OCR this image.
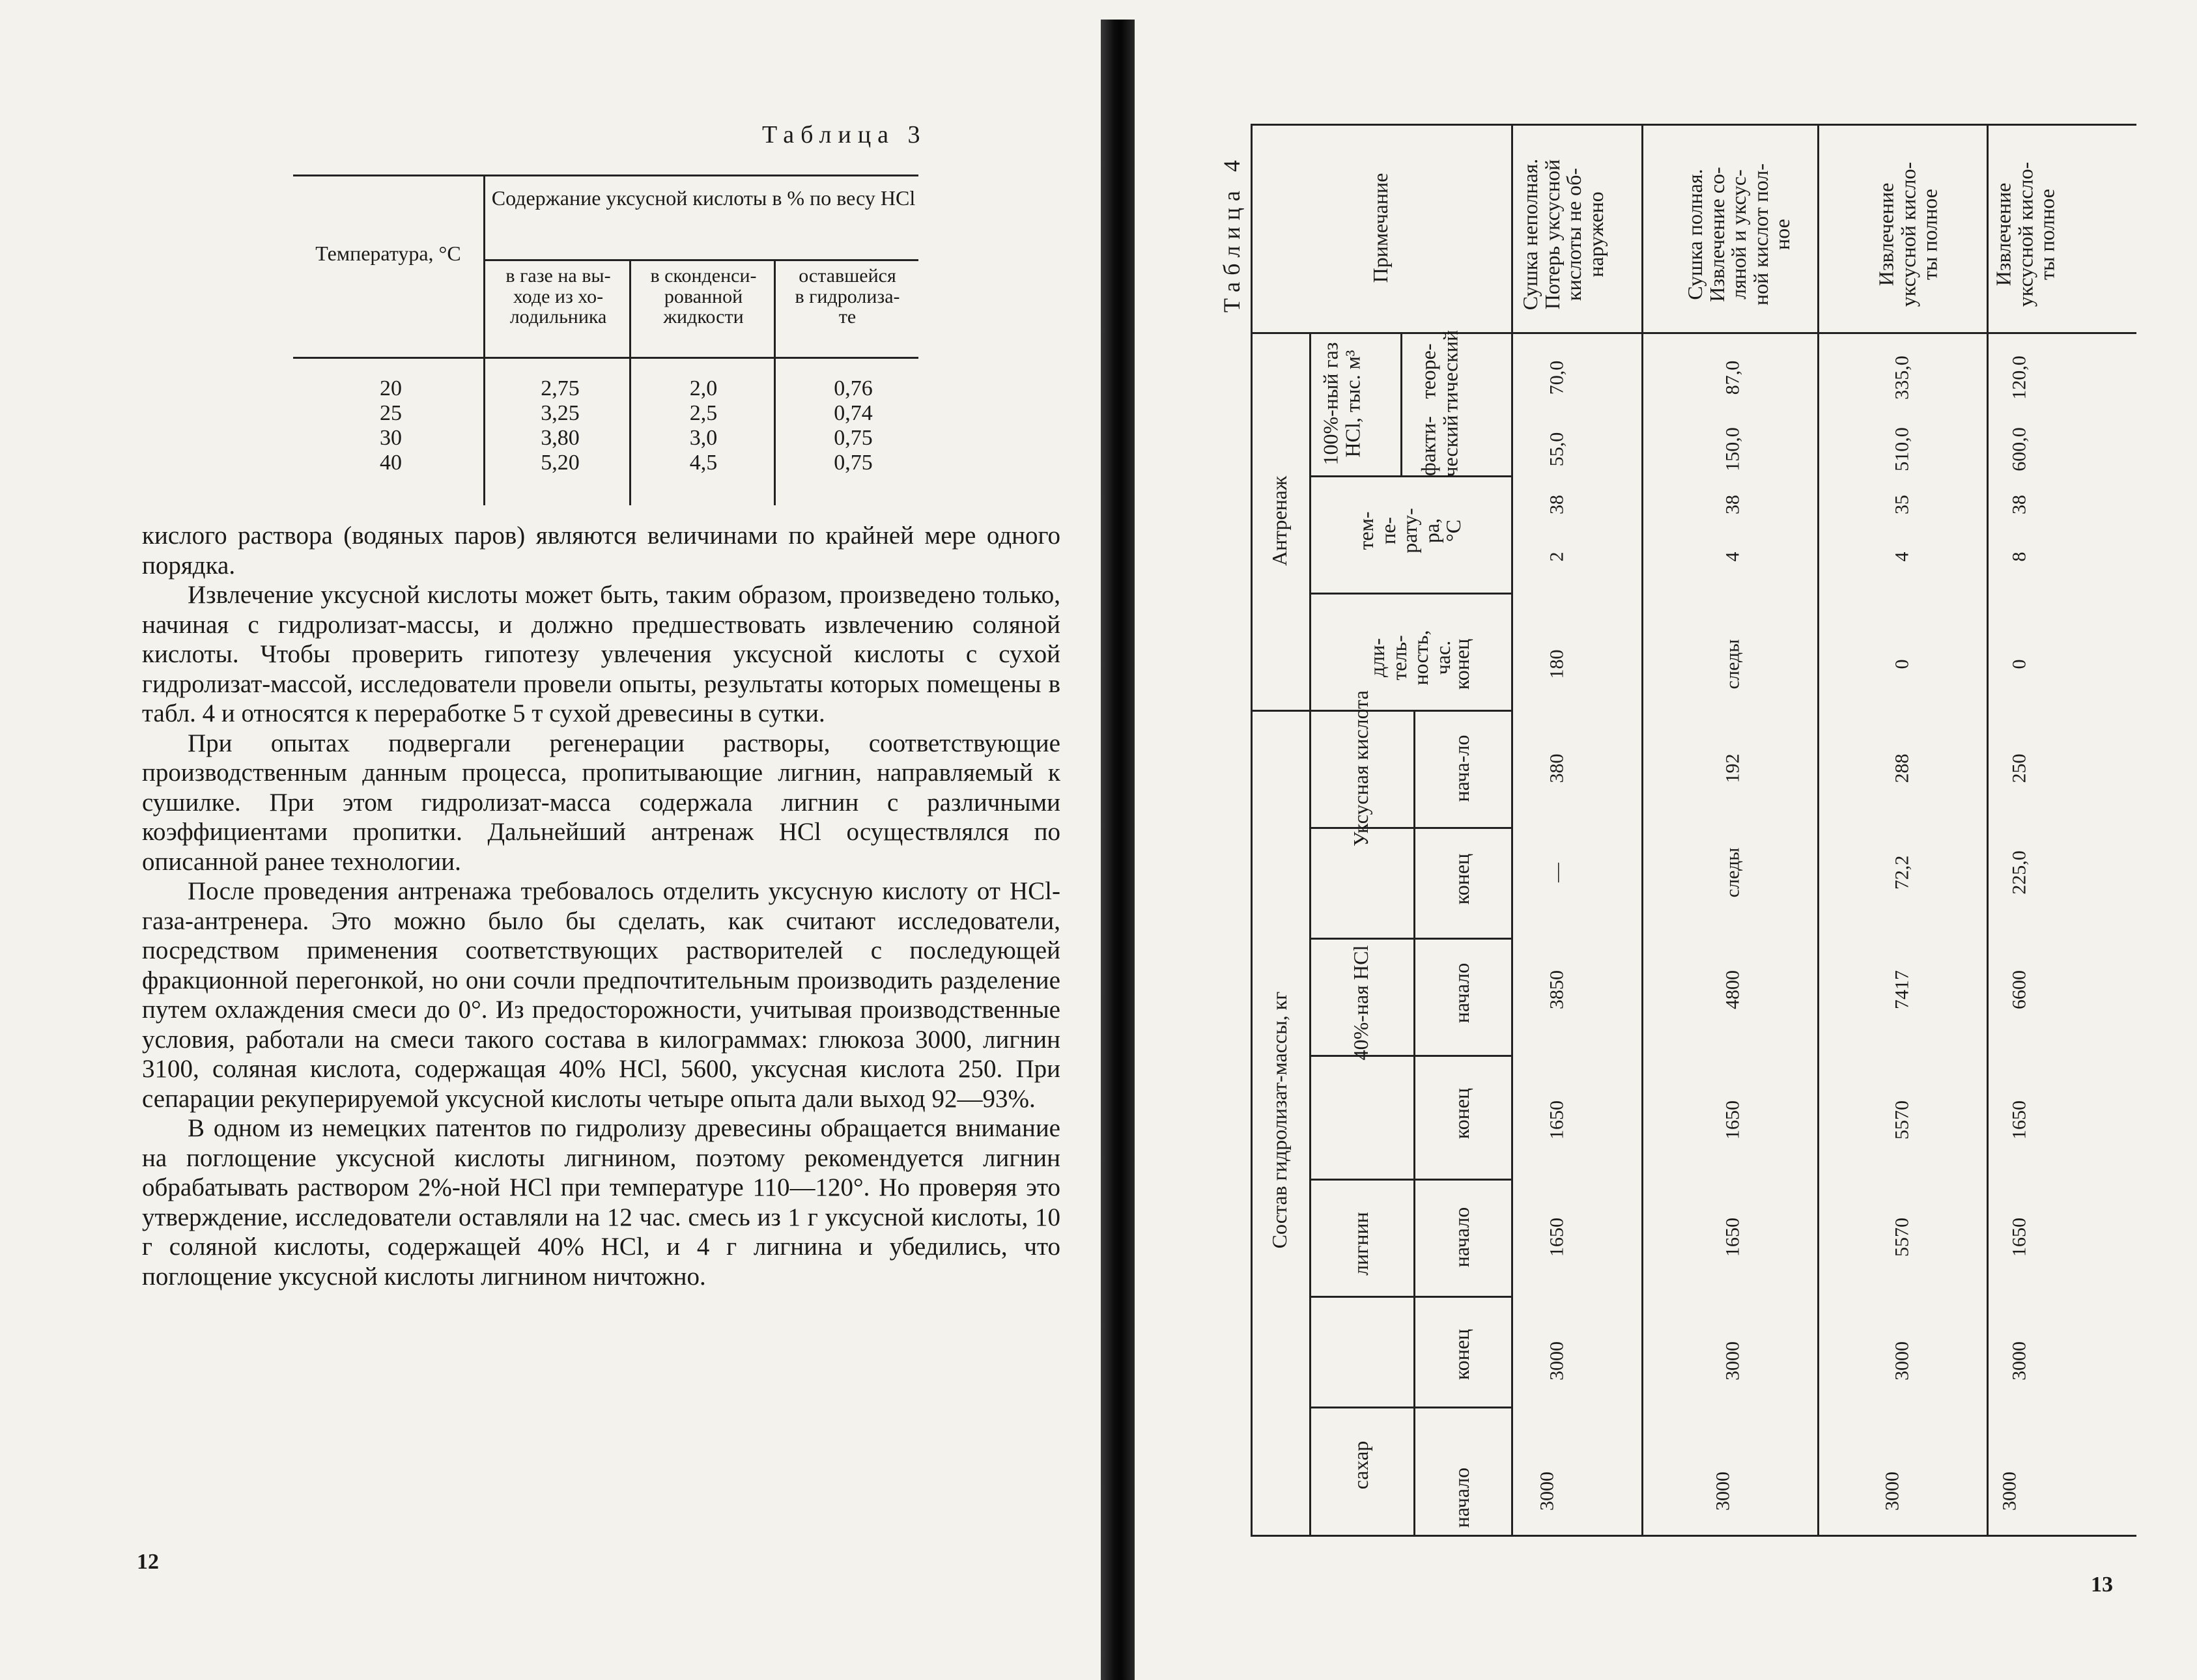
Таблица 3
Температура, °С
Содержание уксусной кислоты в % по весу HCl
в газе на вы-
ходе из хо-
лодильника
в сконденси-
рованной
жидкости
оставшейся
в гидролиза-
те
20
25
30
40
2,75
3,25
3,80
5,20
2,0
2,5
3,0
4,5
0,76
0,74
0,75
0,75

кислого раствора (водяных паров) являются величинами по крайней мере одного порядка.

Извлечение уксусной кислоты может быть, таким образом, произведено только, начиная с гидролизат-массы, и должно предшествовать извлечению соляной кислоты. Чтобы проверить гипотезу увлечения уксусной кислоты с сухой гидролизат-массой, исследователи провели опыты, результаты которых помещены в табл. 4 и относятся к переработке 5 т сухой древесины в сутки.

При опытах подвергали регенерации растворы, соответствующие производственным данным процесса, пропитывающие лигнин, направляемый к сушилке. При этом гидролизат-масса содержала лигнин с различными коэффициентами пропитки. Дальнейший антренаж HCl осуществлялся по описанной ранее технологии.

После проведения антренажа требовалось отделить уксусную кислоту от HCl-газа-антренера. Это можно было бы сделать, как считают исследователи, посредством применения соответствующих растворителей с последующей фракционной перегонкой, но они сочли предпочтительным производить разделение путем охлаждения смеси до 0°. Из предосторожности, учитывая производственные условия, работали на смеси такого состава в килограммах: глюкоза 3000, лигнин 3100, соляная кислота, содержащая 40% HCl, 5600, уксусная кислота 250. При сепарации рекуперируемой уксусной кислоты четыре опыта дали выход 92—93%.

В одном из немецких патентов по гидролизу древесины обращается внимание на поглощение уксусной кислоты лигнином, поэтому рекомендуется лигнин обрабатывать раствором 2%-ной HCl при температуре 110—120°. Но проверяя это утверждение, исследователи оставляли на 12 час. смесь из 1 г уксусной кислоты, 10 г соляной кислоты, содержащей 40% HCl, и 4 г лигнина и убедились, что поглощение уксусной кислоты лигнином ничтожно.

12
Таблица 4
Состав гидролизат-массы, кг
Антренаж
Примечание
сахар
лигнин
40%-ная HCl
Уксусная кислота
начало
конец
начало
конец
начало
конец
нача-ло
конец
дли-
тель-
ность,
час.
тем-
пе-
рату-
ра,
°С
100%-ный газ
HCl, тыс. м³	факти-
ческий
теоре-
тический
3000
3000
1650
1650
3850
—
380
180
2
38
55,0
70,0
Сушка неполная.
Потерь уксусной
кислоты не об-
наружено
3000
3000
1650
1650
4800
следы
192
следы
4
38
150,0
87,0
Сушка полная.
Извлечение со-
ляной и уксус-
ной кислот пол-
ное
3000
3000
5570
5570
7417
72,2
288
0
4
35
510,0
335,0
Извлечение
уксусной кисло-
ты полное
3000
3000
1650
1650
6600
225,0
250
0
8
38
600,0
120,0
Извлечение
уксусной кисло-
ты полное
13
